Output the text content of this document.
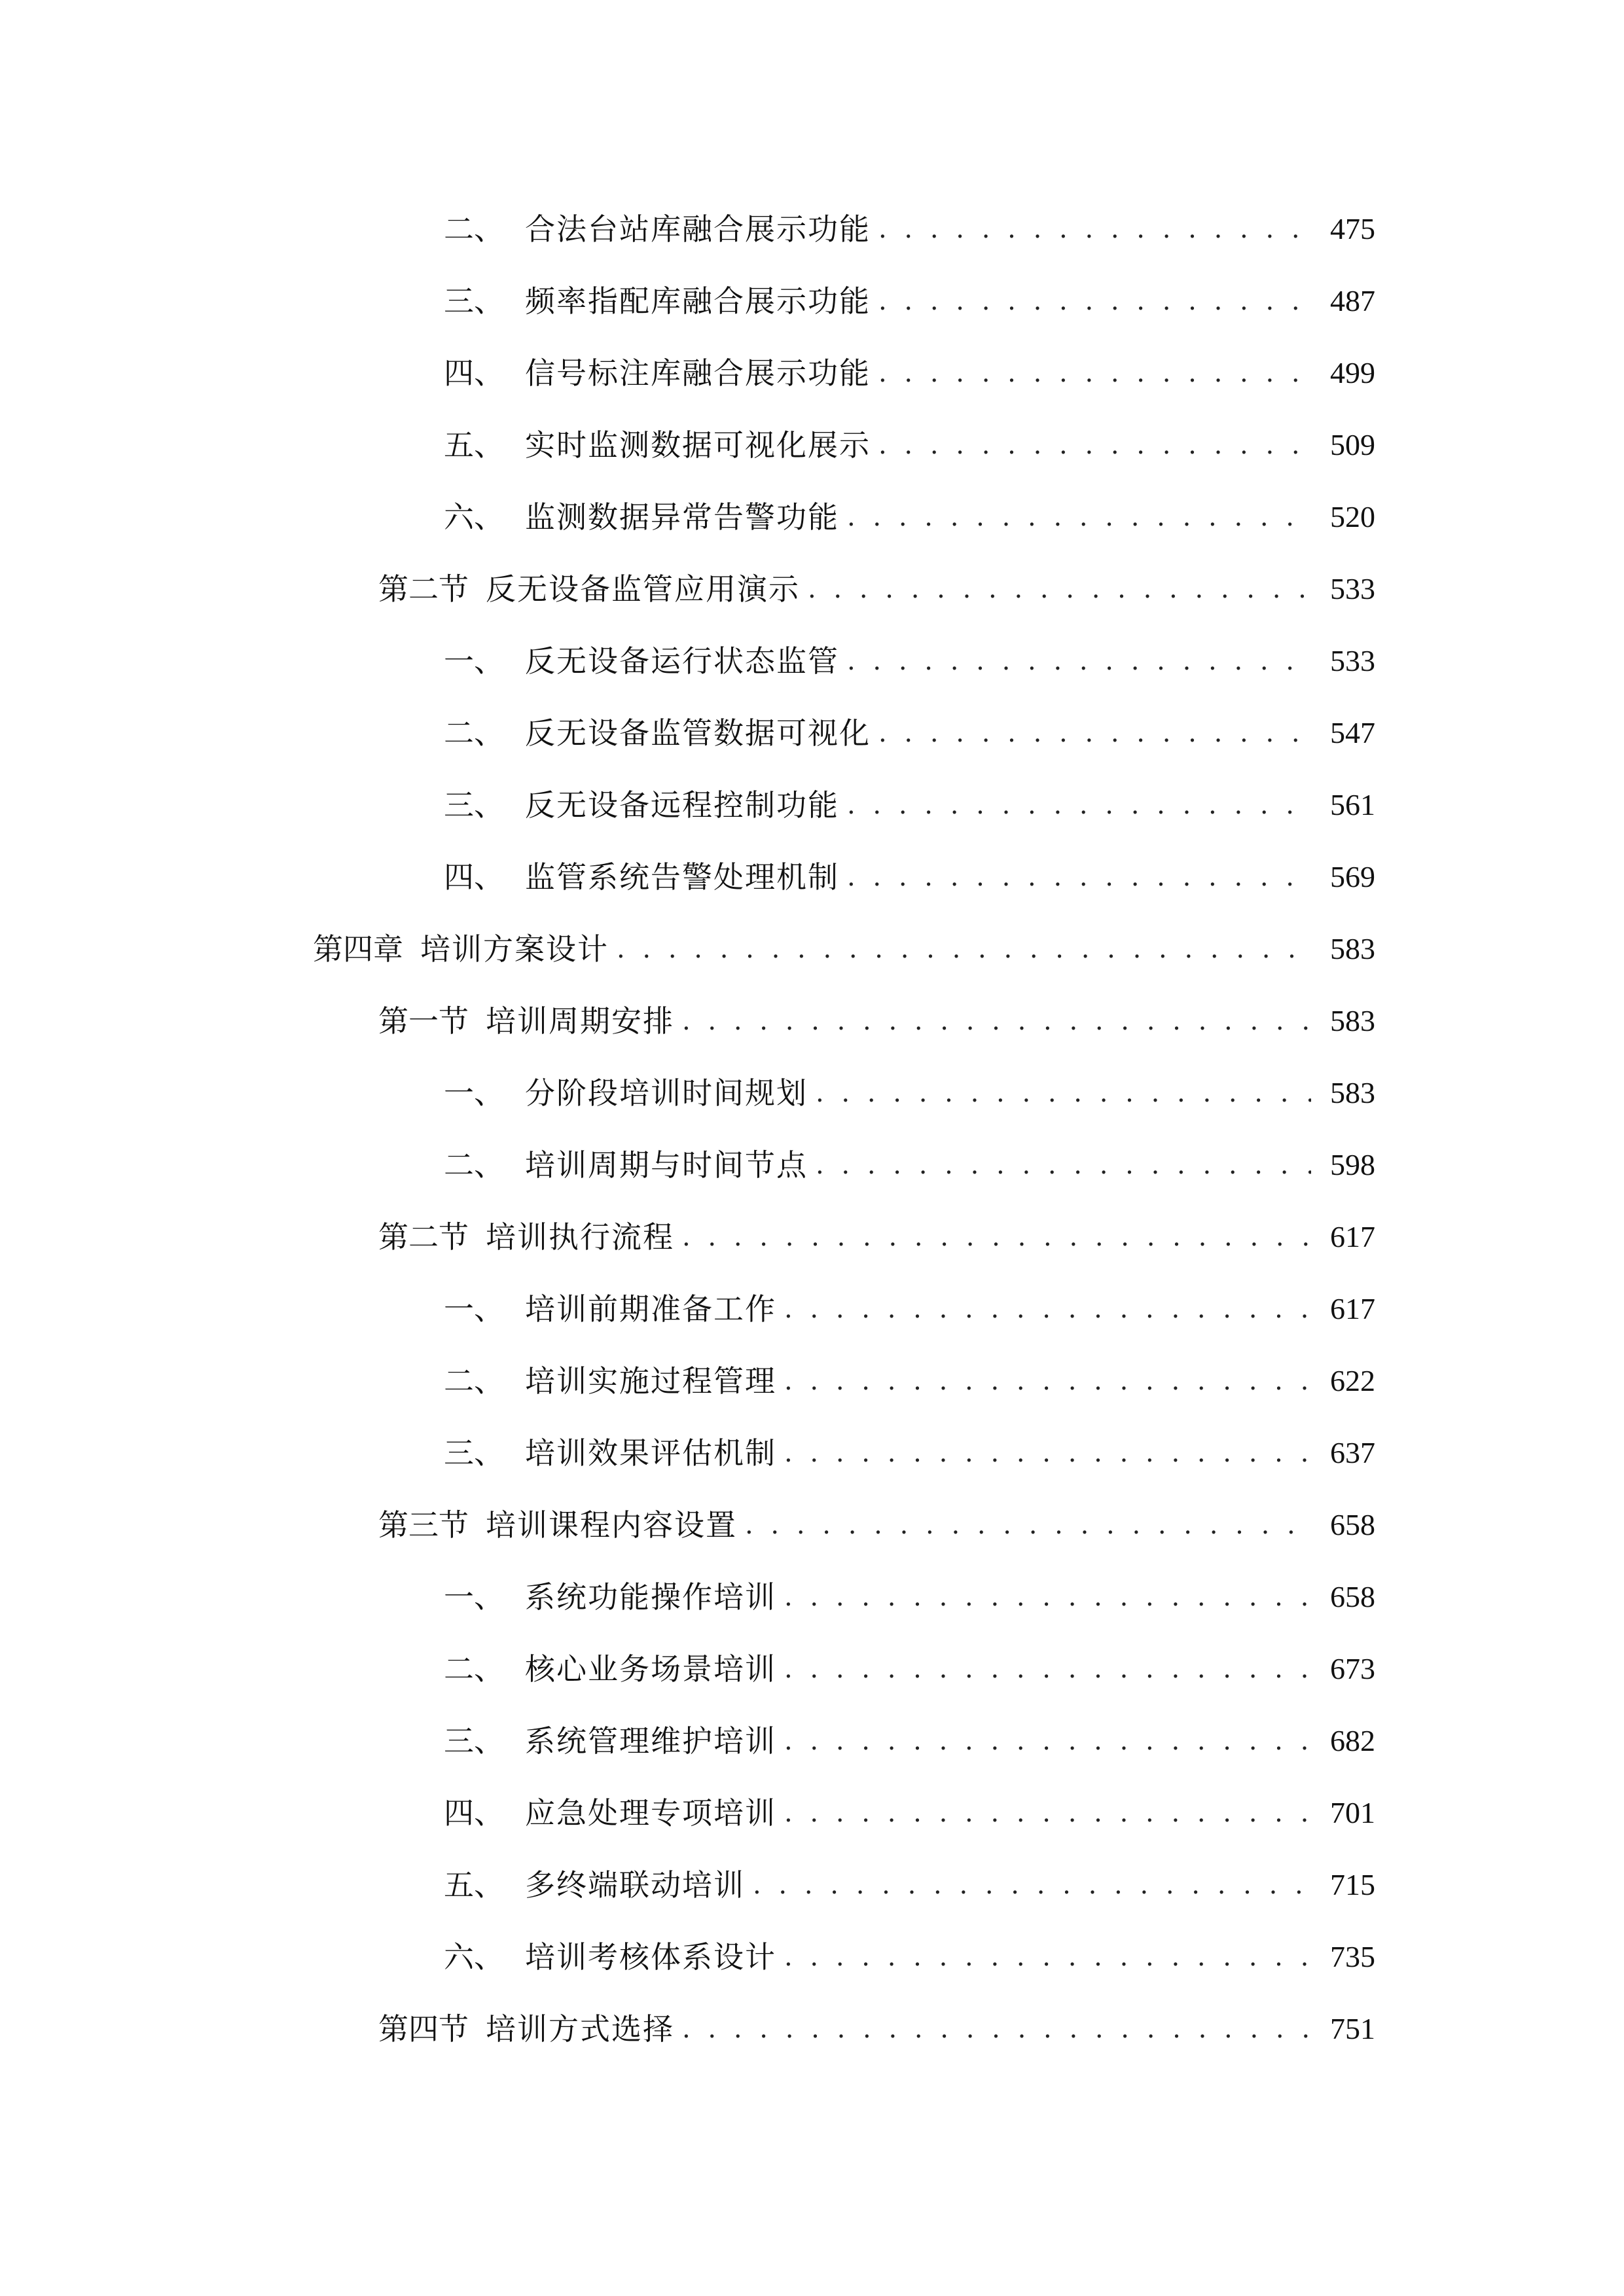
二、 合法台站库融合展示功能 . . .	475
三、 频率指配库融合展示功能 . . .	487
四、 信号标注库融合展示功能 . . .	499
五、 实时监测数据可视化展示 . . .	509
六、 监测数据异常告警功能 . . .	520
第二节 反无设备监管应用演示 . . .	533
一、 反无设备运行状态监管 . . .	533
二、 反无设备监管数据可视化 . . .	547
三、 反无设备远程控制功能 . . .	561
四、 监管系统告警处理机制 . . .	569
第四章 培训方案设计 . . .	583
第一节 培训周期安排 . . .	583
一、 分阶段培训时间规划 . . .	583
二、 培训周期与时间节点 . . .	598
第二节 培训执行流程 . . .	617
一、 培训前期准备工作 . . .	617
二、 培训实施过程管理 . . .	622
三、 培训效果评估机制 . . .	637
第三节 培训课程内容设置 . . .	658
一、 系统功能操作培训 . . .	658
二、 核心业务场景培训 . . .	673
三、 系统管理维护培训 . . .	682
四、 应急处理专项培训 . . .	701
五、 多终端联动培训 . . .	715
六、 培训考核体系设计 . . .	735
第四节 培训方式选择 . . .	751
